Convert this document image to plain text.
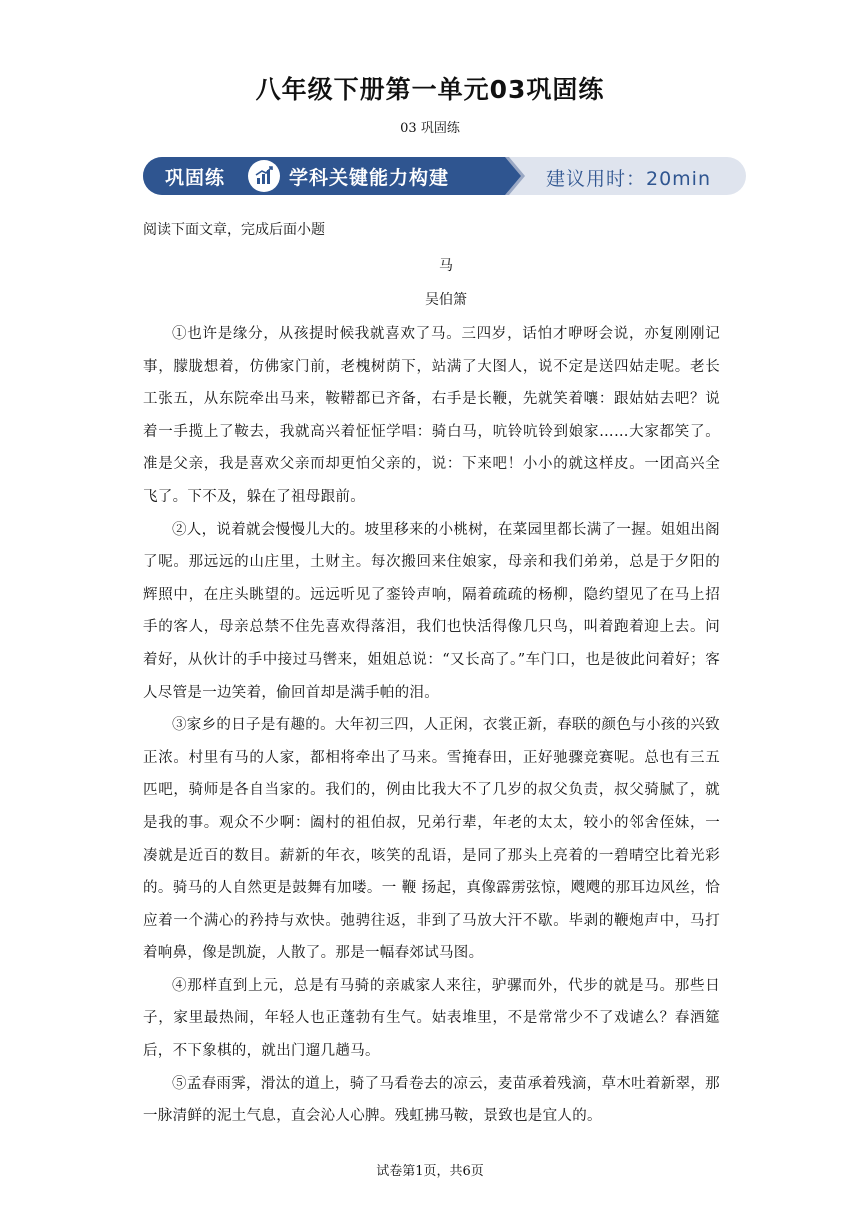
八年级下册第一单元03巩固练
03 巩固练
巩固练	学科关键能力构建	建议用时：20min
阅读下面文章，完成后面小题
马
吴伯箫

①也许是缘分，从孩提时候我就喜欢了马。三四岁，话怕才咿呀会说，亦复刚刚记事，朦胧想着，仿佛家门前，老槐树荫下，站满了大图人，说不定是送四姑走呢。老长工张五，从东院牵出马来，鞍鞯都已齐备，右手是长鞭，先就笑着嚷：跟姑姑去吧？说着一手揽上了鞍去，我就高兴着怔怔学唱：骑白马，吭铃吭铃到娘家……大家都笑了。准是父亲，我是喜欢父亲而却更怕父亲的，说：下来吧！小小的就这样皮。一团高兴全飞了。下不及，躲在了祖母跟前。

②人，说着就会慢慢儿大的。坡里移来的小桃树，在菜园里都长满了一握。姐姐出阁了呢。那远远的山庄里，土财主。每次搬回来住娘家，母亲和我们弟弟，总是于夕阳的辉照中，在庄头眺望的。远远听见了銮铃声响，隔着疏疏的杨柳，隐约望见了在马上招手的客人，母亲总禁不住先喜欢得落泪，我们也快活得像几只鸟，叫着跑着迎上去。问着好，从伙计的手中接过马辔来，姐姐总说：“又长高了。”车门口，也是彼此问着好；客人尽管是一边笑着，偷回首却是满手帕的泪。

③家乡的日子是有趣的。大年初三四，人正闲，衣裳正新，春联的颜色与小孩的兴致正浓。村里有马的人家，都相将牵出了马来。雪掩春田，正好驰骤竞赛呢。总也有三五匹吧，骑师是各自当家的。我们的，例由比我大不了几岁的叔父负责，叔父骑腻了，就是我的事。观众不少啊：阖村的祖伯叔，兄弟行辈，年老的太太，较小的邻舍侄妹，一凑就是近百的数目。薪新的年衣，咳笑的乱语，是同了那头上亮着的一碧晴空比着光彩的。骑马的人自然更是鼓舞有加喽。一 鞭 扬起，真像霹雳弦惊，飕飕的那耳边风丝，恰应着一个满心的矜持与欢快。弛骋往返，非到了马放大汗不歇。毕剥的鞭炮声中，马打着响鼻，像是凯旋，人散了。那是一幅春郊试马图。

④那样直到上元，总是有马骑的亲戚家人来往，驴骡而外，代步的就是马。那些日子，家里最热闹，年轻人也正蓬勃有生气。姑表堆里，不是常常少不了戏谑么？春酒筵后，不下象棋的，就出门遛几趟马。

⑤孟春雨霁，滑汰的道上，骑了马看卷去的凉云，麦苗承着残滴，草木吐着新翠，那一脉清鲜的泥土气息，直会沁人心脾。残虹拂马鞍，景致也是宜人的。

试卷第1页，共6页
